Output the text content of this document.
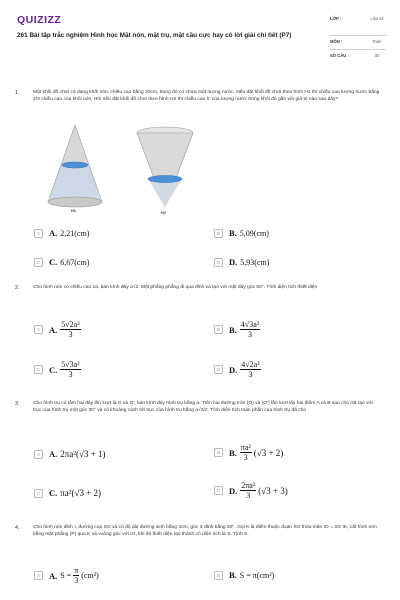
QUIZIZZ
261 Bài tập trắc nghiệm Hình học Mặt nón, mặt trụ, mặt cầu cực hay có lời giải chi tiết (P7)
LỚP :	Lớp 12
MÔN :	Toán
SỐ CÂU :	30
1.	Một khối đồ chơi có dạng khối nón, chiều cao bằng 20cm, trong đó có chứa một lượng nước. Nếu đặt khối đồ chơi theo hình H1 thì chiều cao lượng nước bằng 2/3 chiều cao của khối nón. Hỏi nếu đặt khối đồ chơi theo hình H2 thì chiều cao h' của lượng nước trong khối đó gần với giá trị nào sau đây?
H1	H2
A	A. 2,21(cm)	B	B. 5,09(cm)
C	C. 6,67(cm)	D	D. 5,93(cm)
2.	Cho hình nón có chiều cao 2a, bán kính đáy a√2. Một phẳng phẳng đi qua đỉnh và tạo với mặt đáy góc 60°. Tính diện tích thiết diện
A	A. $\frac{\text{5√2a²}}{3}$	B	B. $\frac{\text{4√3a²}}{3}$
C	C. $\frac{\text{5√3a²}}{3}$	D	D. $\frac{\text{4√2a²}}{3}$
3.	Cho hình trụ có tâm hai đáy lần lượt là O và O'; bán kính đáy hình trụ bằng a. Trên hai đường tròn (O) và (O') lần lượt lấy hai điểm A và B sao cho AB tạo với trục của hình trụ một góc 30° và có khoảng cách tới trục của hình trụ bằng a√3/2. Tính diện tích toàn phần của hình trụ đã cho
A	A. 2πa²(√3 + 1)	B	B. $\frac{\text{πa²}}{3} (√3 + 2)$
C	C. πa²(√3 + 2)	D	D. $\frac{\text{2πa²}}{3} (√3 + 3)$
4.	Cho hình nón đỉnh I, đường cao SO và có độ dài đường sinh bằng 3cm, góc ở đỉnh bằng 60°. Gọi K là điểm thuộc đoạn SO thỏa mãn IO = 3/2 IK, cắt hình nón bằng mặt phẳng (P) qua K và vuông góc với IO, khi đó thiết diện tạo thành có diện tích là S. Tính S.
A	A. $S = \frac{\pi}{3} (cm^2)$	B	B. S = π(cm²)
